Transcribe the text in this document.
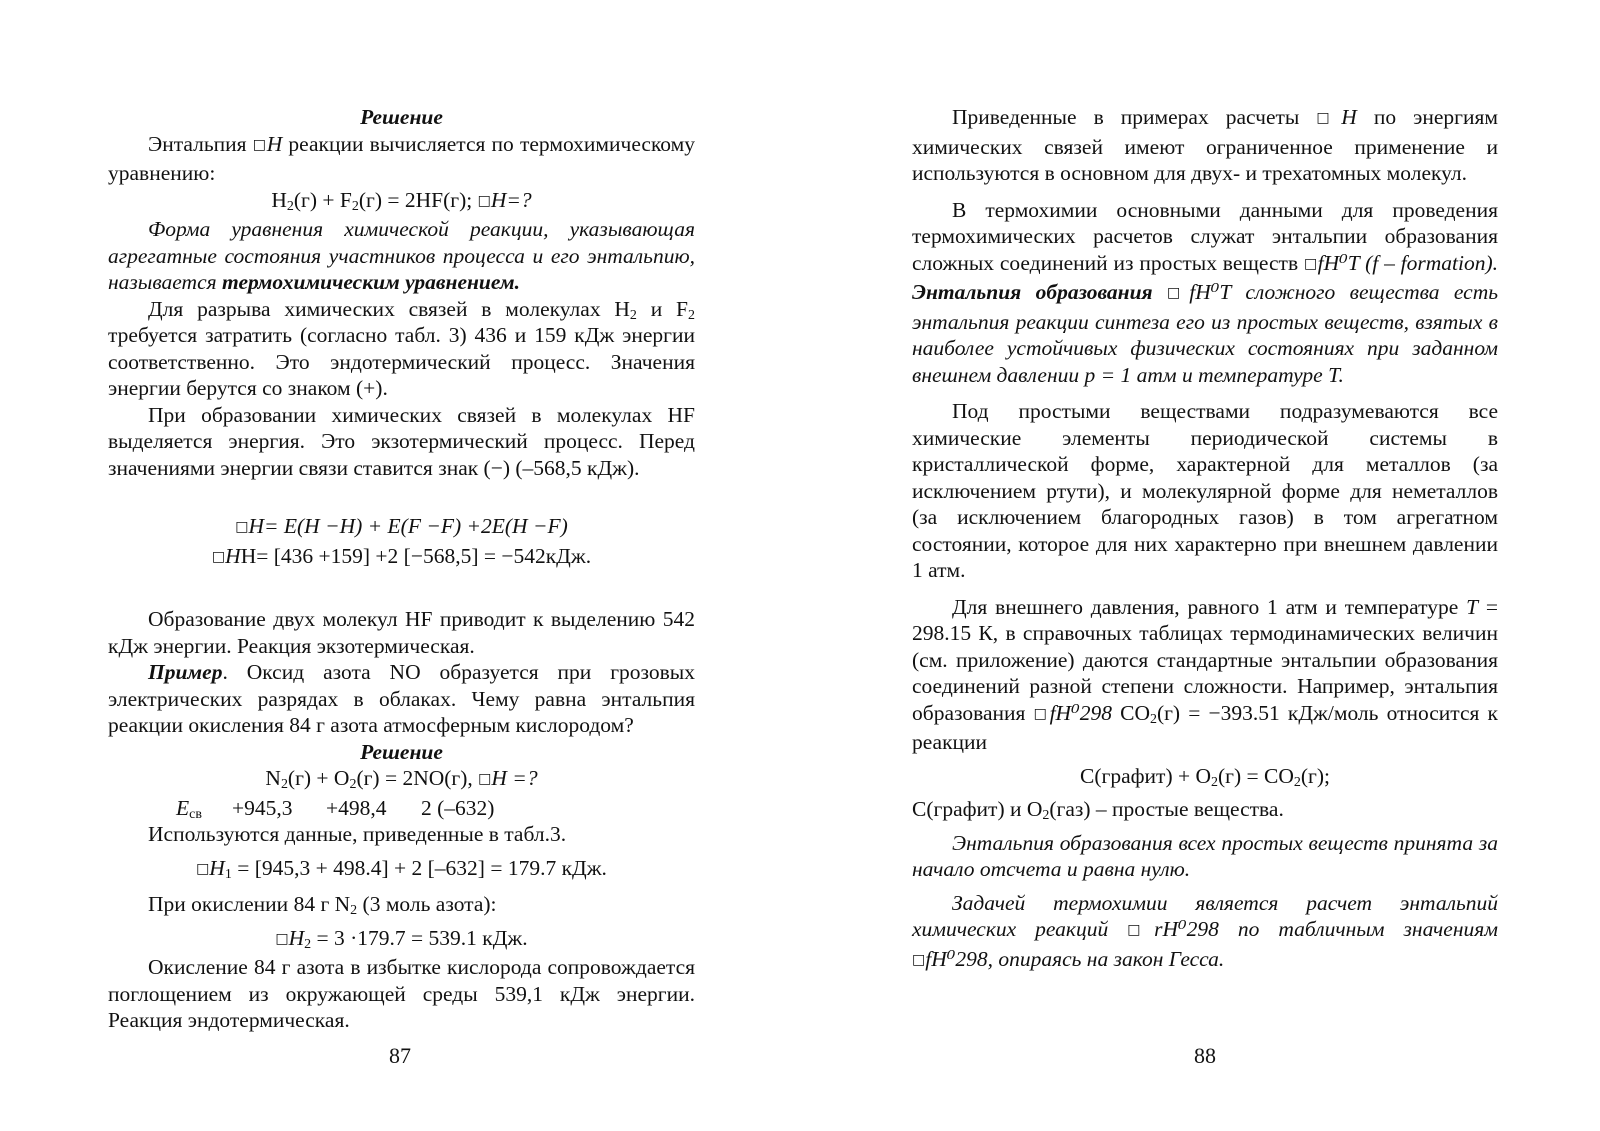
Решение

Энтальпия □H реакции вычисляется по термохимическому уравнению:

$H_2(г) + F_2(г) = 2HF(г)$; □H=?

Форма уравнения химической реакции, указывающая агрегатные состояния участников процесса и его энтальпию, называется термохимическим уравнением.

Для разрыва химических связей в молекулах $H_2$ и $F_2$ требуется затратить (согласно табл. 3) 436 и 159 кДж энергии соответственно. Это эндотермический процесс. Значения энергии берутся со знаком (+).

При образовании химических связей в молекулах HF выделяется энергия. Это экзотермический процесс. Перед значениями энергии связи ставится знак (−) (–568,5 кДж).

□H= E(H −H) + E(F −F) +2E(H −F)

□HH= [436 +159] +2 [−568,5] = −542кДж.

Образование двух молекул HF приводит к выделению 542 кДж энергии. Реакция экзотермическая.

Пример. Оксид азота NO образуется при грозовых электрических разрядах в облаках. Чему равна энтальпия реакции окисления 84 г азота атмосферным кислородом?

Решение

$N_2(г) + O_2(г) = 2NO(г)$, □H =?

$E_{св} +945,3 +498,4$ 2 (–632)

Используются данные, приведенные в табл.3.

$□H_1 = [945,3 + 498.4] + 2$ [–632] = 179.7 кДж.

При окислении 84 г $N_2$ (3 моль азота):

$□H_2 = 3 \cdot 179.7 = 539.1$ кДж.

Окисление 84 г азота в избытке кислорода сопровождается поглощением из окружающей среды 539,1 кДж энергии. Реакция эндотермическая.

87

Приведенные в примерах расчеты □H по энергиям химических связей имеют ограниченное применение и используются в основном для двух- и трехатомных молекул.

В термохимии основными данными для проведения термохимических расчетов служат энтальпии образования сложных соединений из простых веществ □fH⁰T (f – formation). Энтальпия образования □fH⁰T сложного вещества есть энтальпия реакции синтеза его из простых веществ, взятых в наиболее устойчивых физических состояниях при заданном внешнем давлении p = 1 атм и температуре T.

Под простыми веществами подразумеваются все химические элементы периодической системы в кристаллической форме, характерной для металлов (за исключением ртути), и молекулярной форме для неметаллов (за исключением благородных газов) в том агрегатном состоянии, которое для них характерно при внешнем давлении 1 атм.

Для внешнего давления, равного 1 атм и температуре T = 298.15 К, в справочных таблицах термодинамических величин (см. приложение) даются стандартные энтальпии образования соединений разной степени сложности. Например, энтальпия образования □fH⁰298 $CO_2(г) = -393.51$ кДж/моль относится к реакции

C(графит) + $O_2(г) = CO_2(г)$;

C(графит) и $O_2(газ)$ – простые вещества.

Энтальпия образования всех простых веществ принята за начало отсчета и равна нулю.

Задачей термохимии является расчет энтальпий химических реакций □rH⁰298 по табличным значениям □fH⁰298, опираясь на закон Гесса.

88
